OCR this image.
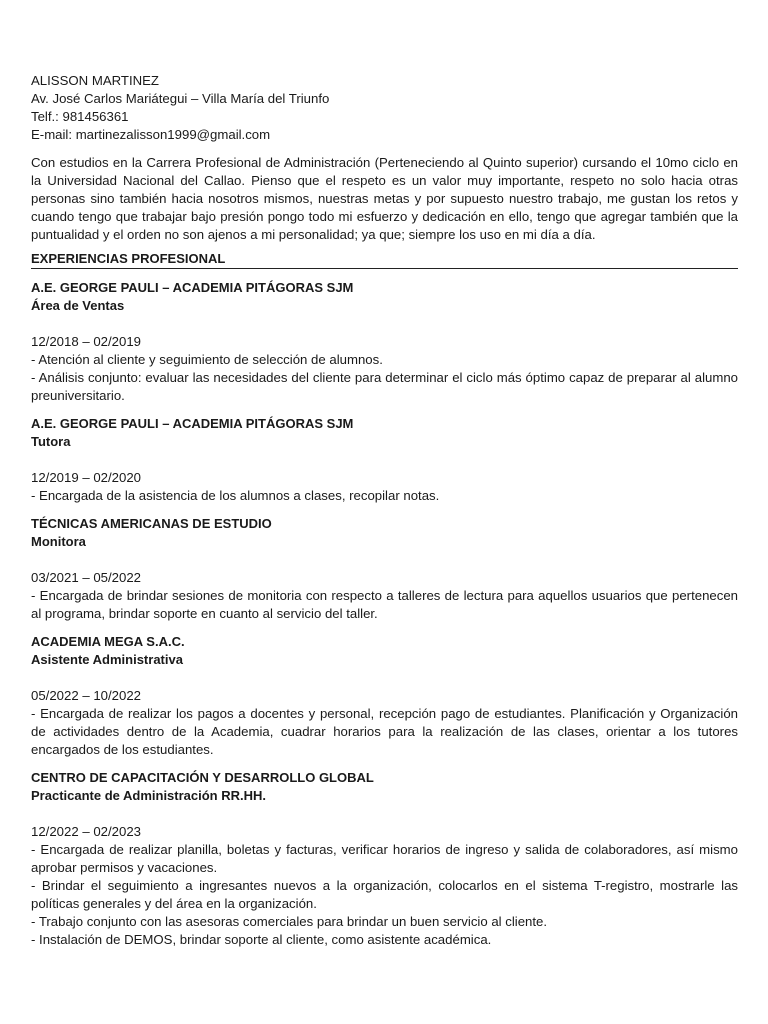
ALISSON MARTINEZ
Av. José Carlos Mariátegui – Villa María del Triunfo
Telf.: 981456361
E-mail: martinezalisson1999@gmail.com
Con estudios en la Carrera Profesional de Administración (Perteneciendo al Quinto superior) cursando el 10mo ciclo en la Universidad Nacional del Callao. Pienso que el respeto es un valor muy importante, respeto no solo hacia otras personas sino también hacia nosotros mismos, nuestras metas y por supuesto nuestro trabajo, me gustan los retos y cuando tengo que trabajar bajo presión pongo todo mi esfuerzo y dedicación en ello, tengo que agregar también que la puntualidad y el orden no son ajenos a mi personalidad; ya que; siempre los uso en mi día a día.
EXPERIENCIAS PROFESIONAL
A.E. GEORGE PAULI – ACADEMIA PITÁGORAS SJM
Área de Ventas
12/2018 – 02/2019
- Atención al cliente y seguimiento de selección de alumnos.
- Análisis conjunto: evaluar las necesidades del cliente para determinar el ciclo más óptimo capaz de preparar al alumno preuniversitario.
A.E. GEORGE PAULI – ACADEMIA PITÁGORAS SJM
Tutora
12/2019 – 02/2020
- Encargada de la asistencia de los alumnos a clases, recopilar notas.
TÉCNICAS AMERICANAS DE ESTUDIO
Monitora
03/2021 – 05/2022
- Encargada de brindar sesiones de monitoria con respecto a talleres de lectura para aquellos usuarios que pertenecen al programa, brindar soporte en cuanto al servicio del taller.
ACADEMIA MEGA S.A.C.
Asistente Administrativa
05/2022 – 10/2022
- Encargada de realizar los pagos a docentes y personal, recepción pago de estudiantes. Planificación y Organización de actividades dentro de la Academia, cuadrar horarios para la realización de las clases, orientar a los tutores encargados de los estudiantes.
CENTRO DE CAPACITACIÓN Y DESARROLLO GLOBAL
Practicante de Administración RR.HH.
12/2022 – 02/2023
- Encargada de realizar planilla, boletas y facturas, verificar horarios de ingreso y salida de colaboradores, así mismo aprobar permisos y vacaciones.
- Brindar el seguimiento a ingresantes nuevos a la organización, colocarlos en el sistema T-registro, mostrarle las políticas generales y del área en la organización.
- Trabajo conjunto con las asesoras comerciales para brindar un buen servicio al cliente.
- Instalación de DEMOS, brindar soporte al cliente, como asistente académica.
